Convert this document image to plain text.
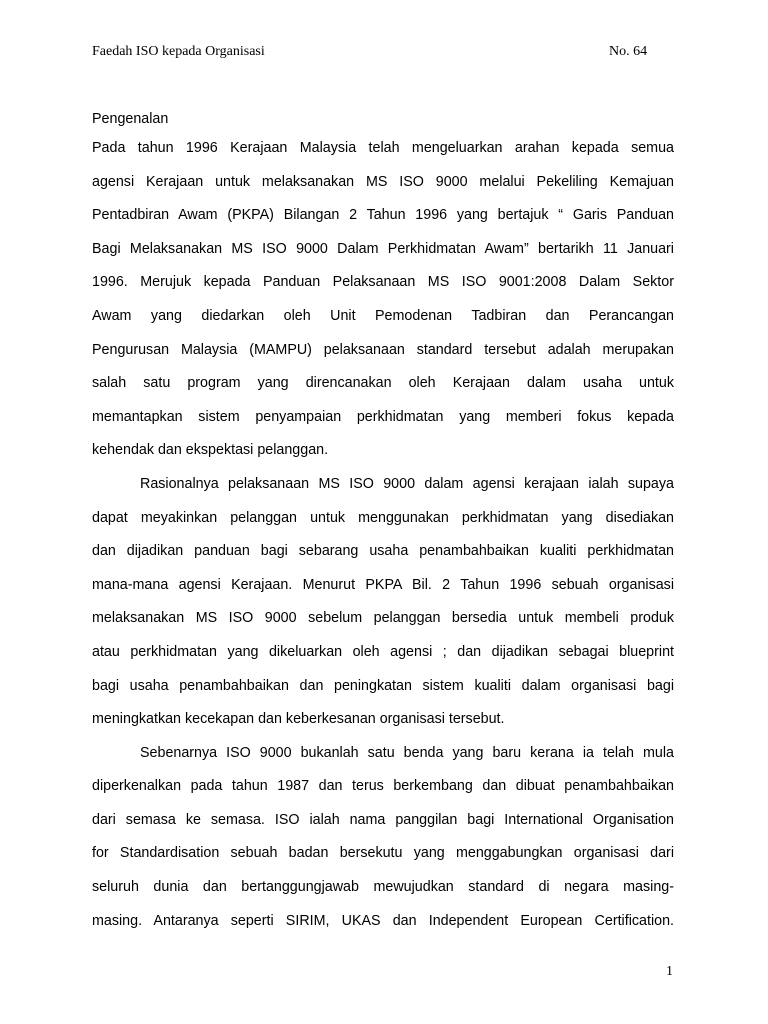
Faedah ISO kepada Organisasi	No. 64
Pengenalan

Pada tahun 1996 Kerajaan Malaysia telah mengeluarkan arahan kepada semua
agensi Kerajaan untuk melaksanakan MS ISO 9000 melalui Pekeliling Kemajuan
Pentadbiran Awam (PKPA) Bilangan 2 Tahun 1996 yang bertajuk “ Garis Panduan
Bagi Melaksanakan MS ISO 9000 Dalam Perkhidmatan Awam” bertarikh 11 Januari
1996. Merujuk kepada Panduan Pelaksanaan MS ISO 9001:2008 Dalam Sektor
Awam yang diedarkan oleh Unit Pemodenan Tadbiran dan Perancangan
Pengurusan Malaysia (MAMPU) pelaksanaan standard tersebut adalah merupakan
salah satu program yang direncanakan oleh Kerajaan dalam usaha untuk
memantapkan sistem penyampaian perkhidmatan yang memberi fokus kepada
kehendak dan ekspektasi pelanggan.

Rasionalnya pelaksanaan MS ISO 9000 dalam agensi kerajaan ialah supaya
dapat meyakinkan pelanggan untuk menggunakan perkhidmatan yang disediakan
dan dijadikan panduan bagi sebarang usaha penambahbaikan kualiti perkhidmatan
mana-mana agensi Kerajaan. Menurut PKPA Bil. 2 Tahun 1996 sebuah organisasi
melaksanakan MS ISO 9000 sebelum pelanggan bersedia untuk membeli produk
atau perkhidmatan yang dikeluarkan oleh agensi ; dan dijadikan sebagai blueprint
bagi usaha penambahbaikan dan peningkatan sistem kualiti dalam organisasi bagi
meningkatkan kecekapan dan keberkesanan organisasi tersebut.

Sebenarnya ISO 9000 bukanlah satu benda yang baru kerana ia telah mula
diperkenalkan pada tahun 1987 dan terus berkembang dan dibuat penambahbaikan
dari semasa ke semasa. ISO ialah nama panggilan bagi International Organisation
for Standardisation sebuah badan bersekutu yang menggabungkan organisasi dari
seluruh dunia dan bertanggungjawab mewujudkan standard di negara masing-
masing. Antaranya seperti SIRIM, UKAS dan Independent European Certification.

1
